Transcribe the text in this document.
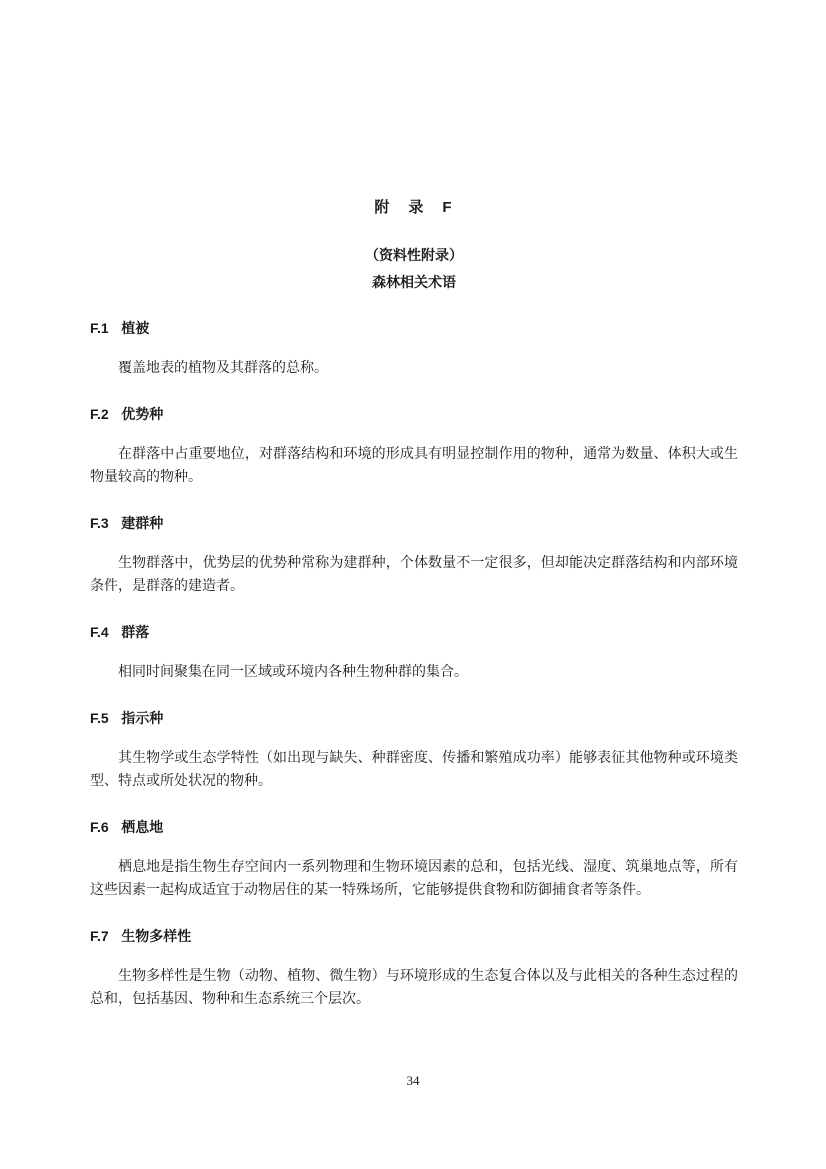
附　录　F
（资料性附录）
森林相关术语
F.1 植被

覆盖地表的植物及其群落的总称。

F.2 优势种

在群落中占重要地位，对群落结构和环境的形成具有明显控制作用的物种，通常为数量、体积大或生物量较高的物种。

F.3 建群种

生物群落中，优势层的优势种常称为建群种，个体数量不一定很多，但却能决定群落结构和内部环境条件，是群落的建造者。

F.4 群落

相同时间聚集在同一区域或环境内各种生物种群的集合。

F.5 指示种

其生物学或生态学特性（如出现与缺失、种群密度、传播和繁殖成功率）能够表征其他物种或环境类型、特点或所处状况的物种。

F.6 栖息地

栖息地是指生物生存空间内一系列物理和生物环境因素的总和，包括光线、湿度、筑巢地点等，所有这些因素一起构成适宜于动物居住的某一特殊场所，它能够提供食物和防御捕食者等条件。

F.7 生物多样性

生物多样性是生物（动物、植物、微生物）与环境形成的生态复合体以及与此相关的各种生态过程的总和，包括基因、物种和生态系统三个层次。

34
